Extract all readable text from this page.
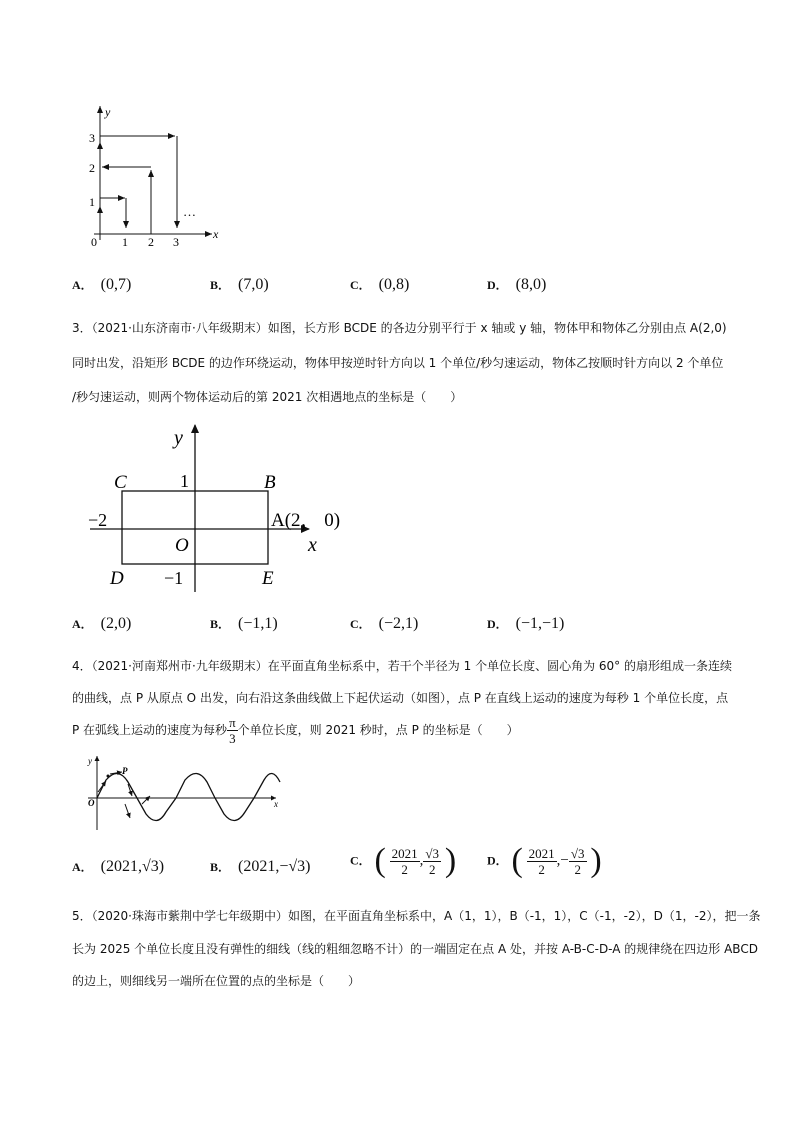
y
x
0 1 2 3
1
2
3
…
A． (0,7)	B． (7,0)	C． (0,8)	D． (8,0)
3．（2021·山东济南市·八年级期末）如图，长方形 BCDE 的各边分别平行于 x 轴或 y 轴，物体甲和物体乙分别由点 A(2,0)
同时出发，沿矩形 BCDE 的边作环绕运动，物体甲按逆时针方向以 1 个单位/秒匀速运动，物体乙按顺时针方向以 2 个单位
/秒匀速运动，则两个物体运动后的第 2021 次相遇地点的坐标是（　　）
y
x
C	B
D	E
O
A(2， 0)
1
−2
−1
A． (2,0)	B． (−1,1)	C． (−2,1)	D． (−1,−1)
4．（2021·河南郑州市·九年级期末）在平面直角坐标系中，若干个半径为 1 个单位长度、圆心角为 60° 的扇形组成一条连续
的曲线，点 P 从原点 O 出发，向右沿这条曲线做上下起伏运动（如图），点 P 在直线上运动的速度为每秒 1 个单位长度，点
P 在弧线上运动的速度为每秒 $\frac{\pi}{3}$ 个单位长度，则 2021 秒时，点 P 的坐标是（　　）
y
x
O
P
A． (2021,√3)	B． (2021,−√3)	C． ( $\frac{2021}{2}$ , $\frac{√3}{2}$ )	D． ( $\frac{2021}{2}$ ,− $\frac{√3}{2}$ )
5．（2020·珠海市紫荆中学七年级期中）如图，在平面直角坐标系中，A（1，1），B（-1，1），C（-1，-2），D（1，-2），把一条
长为 2025 个单位长度且没有弹性的细线（线的粗细忽略不计）的一端固定在点 A 处，并按 A-B-C-D-A 的规律绕在四边形 ABCD
的边上，则细线另一端所在位置的点的坐标是（　　）
